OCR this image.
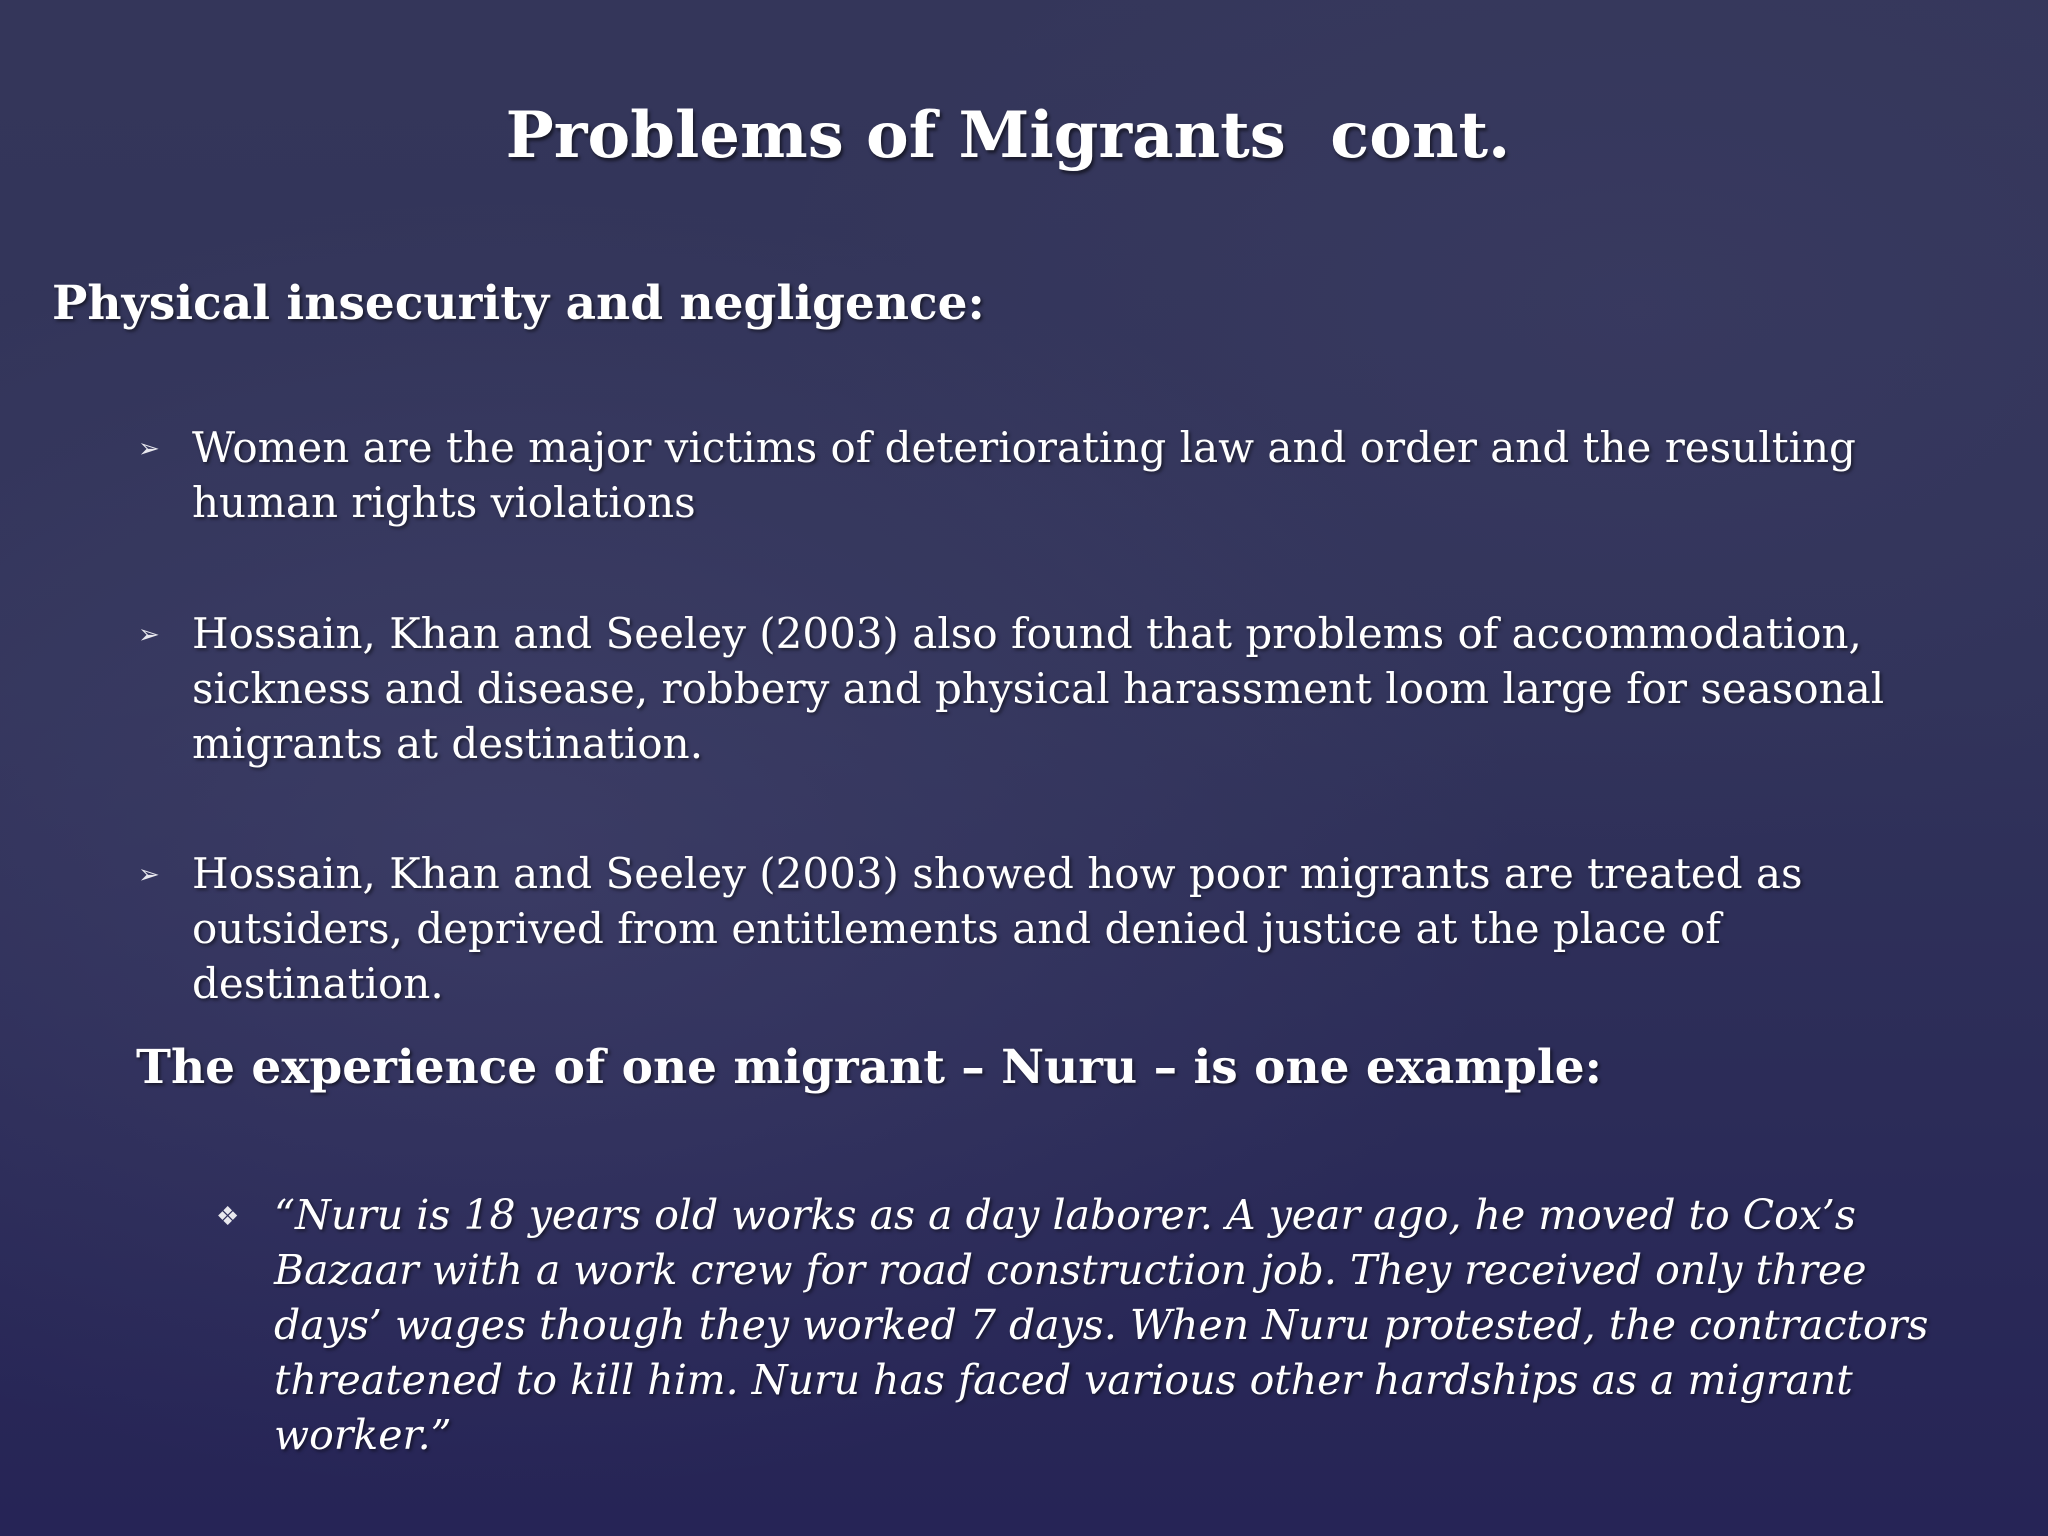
Problems of Migrants  cont.
Physical insecurity and negligence:
➢ Women are the major victims of deteriorating law and order and the resulting human rights violations
➢ Hossain, Khan and Seeley (2003) also found that problems of accommodation, sickness and disease, robbery and physical harassment loom large for seasonal migrants at destination.
➢ Hossain, Khan and Seeley (2003) showed how poor migrants are treated as outsiders, deprived from entitlements and denied justice at the place of destination.
The experience of one migrant – Nuru – is one example:
❖ “Nuru is 18 years old works as a day laborer. A year ago, he moved to Cox’s Bazaar with a work crew for road construction job. They received only three days’ wages though they worked 7 days. When Nuru protested, the contractors threatened to kill him. Nuru has faced various other hardships as a migrant worker.”
